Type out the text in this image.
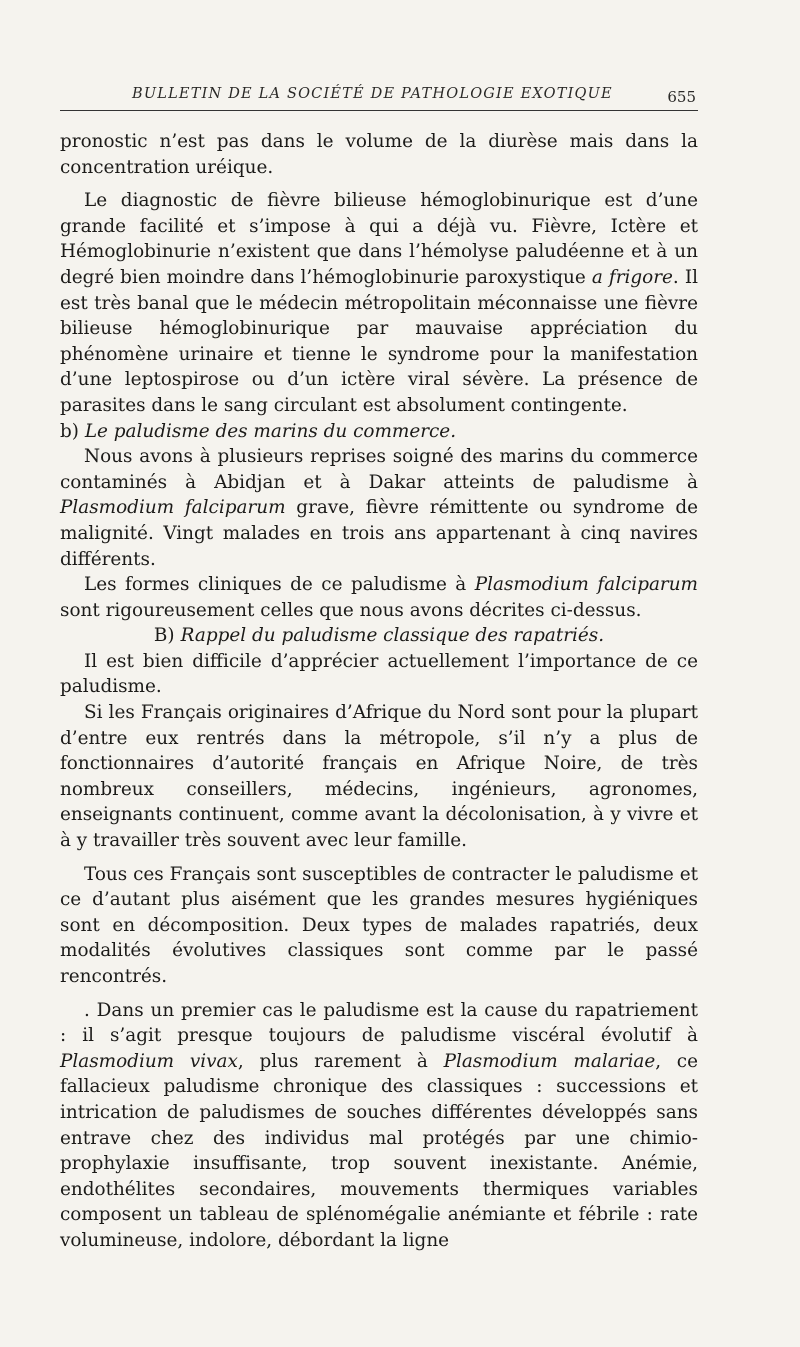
BULLETIN DE LA SOCIÉTÉ DE PATHOLOGIE EXOTIQUE	655

pronostic n’est pas dans le volume de la diurèse mais dans la concentration uréique.

Le diagnostic de fièvre bilieuse hémoglobinurique est d’une grande facilité et s’impose à qui a déjà vu. Fièvre, Ictère et Hémoglobinurie n’existent que dans l’hémolyse paludéenne et à un degré bien moindre dans l’hémoglobinurie paroxystique a frigore. Il est très banal que le médecin métropolitain méconnaisse une fièvre bilieuse hémoglobinurique par mauvaise appréciation du phénomène urinaire et tienne le syndrome pour la manifestation d’une leptospirose ou d’un ictère viral sévère. La présence de parasites dans le sang circulant est absolument contingente.

b) Le paludisme des marins du commerce.

Nous avons à plusieurs reprises soigné des marins du commerce contaminés à Abidjan et à Dakar atteints de paludisme à Plasmodium falciparum grave, fièvre rémittente ou syndrome de malignité. Vingt malades en trois ans appartenant à cinq navires différents.

Les formes cliniques de ce paludisme à Plasmodium falciparum sont rigoureusement celles que nous avons décrites ci-dessus.

B) Rappel du paludisme classique des rapatriés.

Il est bien difficile d’apprécier actuellement l’importance de ce paludisme.

Si les Français originaires d’Afrique du Nord sont pour la plupart d’entre eux rentrés dans la métropole, s’il n’y a plus de fonctionnaires d’autorité français en Afrique Noire, de très nombreux conseillers, médecins, ingénieurs, agronomes, enseignants continuent, comme avant la décolonisation, à y vivre et à y travailler très souvent avec leur famille.

Tous ces Français sont susceptibles de contracter le paludisme et ce d’autant plus aisément que les grandes mesures hygiéniques sont en décomposition. Deux types de malades rapatriés, deux modalités évolutives classiques sont comme par le passé rencontrés.

. Dans un premier cas le paludisme est la cause du rapatriement : il s’agit presque toujours de paludisme viscéral évolutif à Plasmodium vivax, plus rarement à Plasmodium malariae, ce fallacieux paludisme chronique des classiques : successions et intrication de paludismes de souches différentes développés sans entrave chez des individus mal protégés par une chimio-prophylaxie insuffisante, trop souvent inexistante. Anémie, endothélites secondaires, mouvements thermiques variables composent un tableau de splénomégalie anémiante et fébrile : rate volumineuse, indolore, débordant la ligne
